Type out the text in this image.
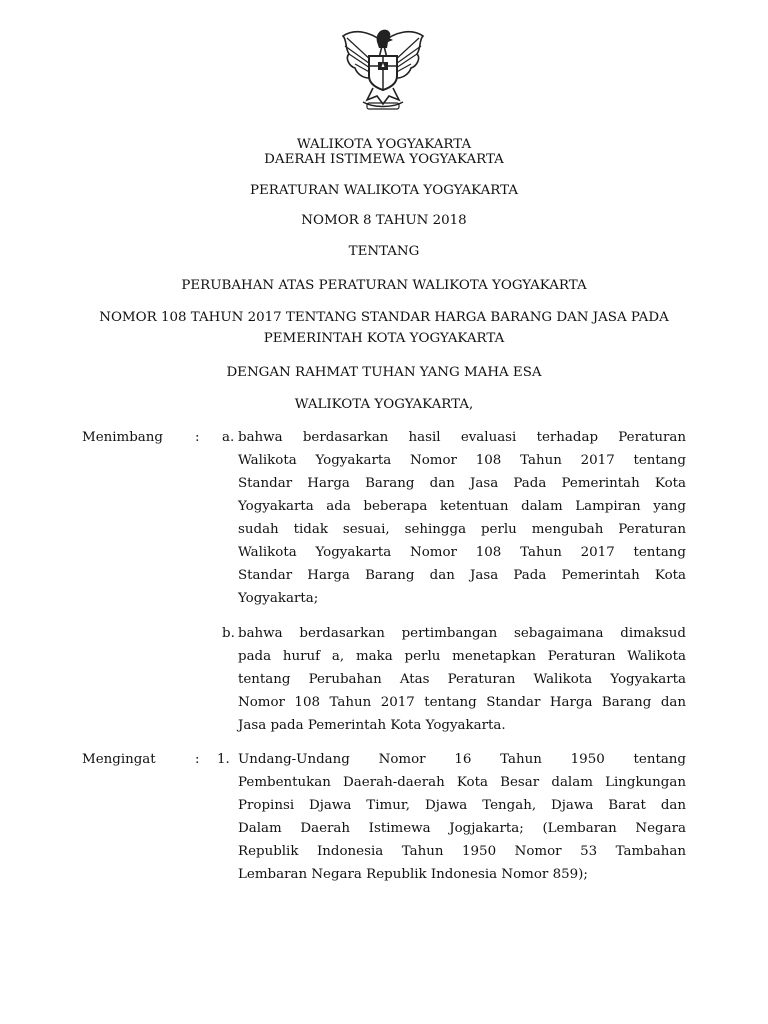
WALIKOTA YOGYAKARTA
DAERAH ISTIMEWA YOGYAKARTA
PERATURAN WALIKOTA YOGYAKARTA
NOMOR 8 TAHUN 2018
TENTANG
PERUBAHAN ATAS PERATURAN WALIKOTA YOGYAKARTA
NOMOR 108 TAHUN 2017 TENTANG STANDAR HARGA BARANG DAN JASA PADA
PEMERINTAH KOTA YOGYAKARTA
DENGAN RAHMAT TUHAN YANG MAHA ESA
WALIKOTA YOGYAKARTA,
Menimbang : a. bahwa berdasarkan hasil evaluasi terhadap Peraturan
Walikota Yogyakarta Nomor 108 Tahun 2017 tentang
Standar Harga Barang dan Jasa Pada Pemerintah Kota
Yogyakarta ada beberapa ketentuan dalam Lampiran yang
sudah tidak sesuai, sehingga perlu mengubah Peraturan
Walikota Yogyakarta Nomor 108 Tahun 2017 tentang
Standar Harga Barang dan Jasa Pada Pemerintah Kota
Yogyakarta;
b. bahwa berdasarkan pertimbangan sebagaimana dimaksud
pada huruf a, maka perlu menetapkan Peraturan Walikota
tentang Perubahan Atas Peraturan Walikota Yogyakarta
Nomor 108 Tahun 2017 tentang Standar Harga Barang dan
Jasa pada Pemerintah Kota Yogyakarta.
Mengingat	: 1. Undang-Undang Nomor 16 Tahun 1950 tentang
Pembentukan Daerah-daerah Kota Besar dalam Lingkungan
Propinsi Djawa Timur, Djawa Tengah, Djawa Barat dan
Dalam Daerah Istimewa Jogjakarta; (Lembaran Negara
Republik Indonesia Tahun 1950 Nomor 53 Tambahan
Lembaran Negara Republik Indonesia Nomor 859);
